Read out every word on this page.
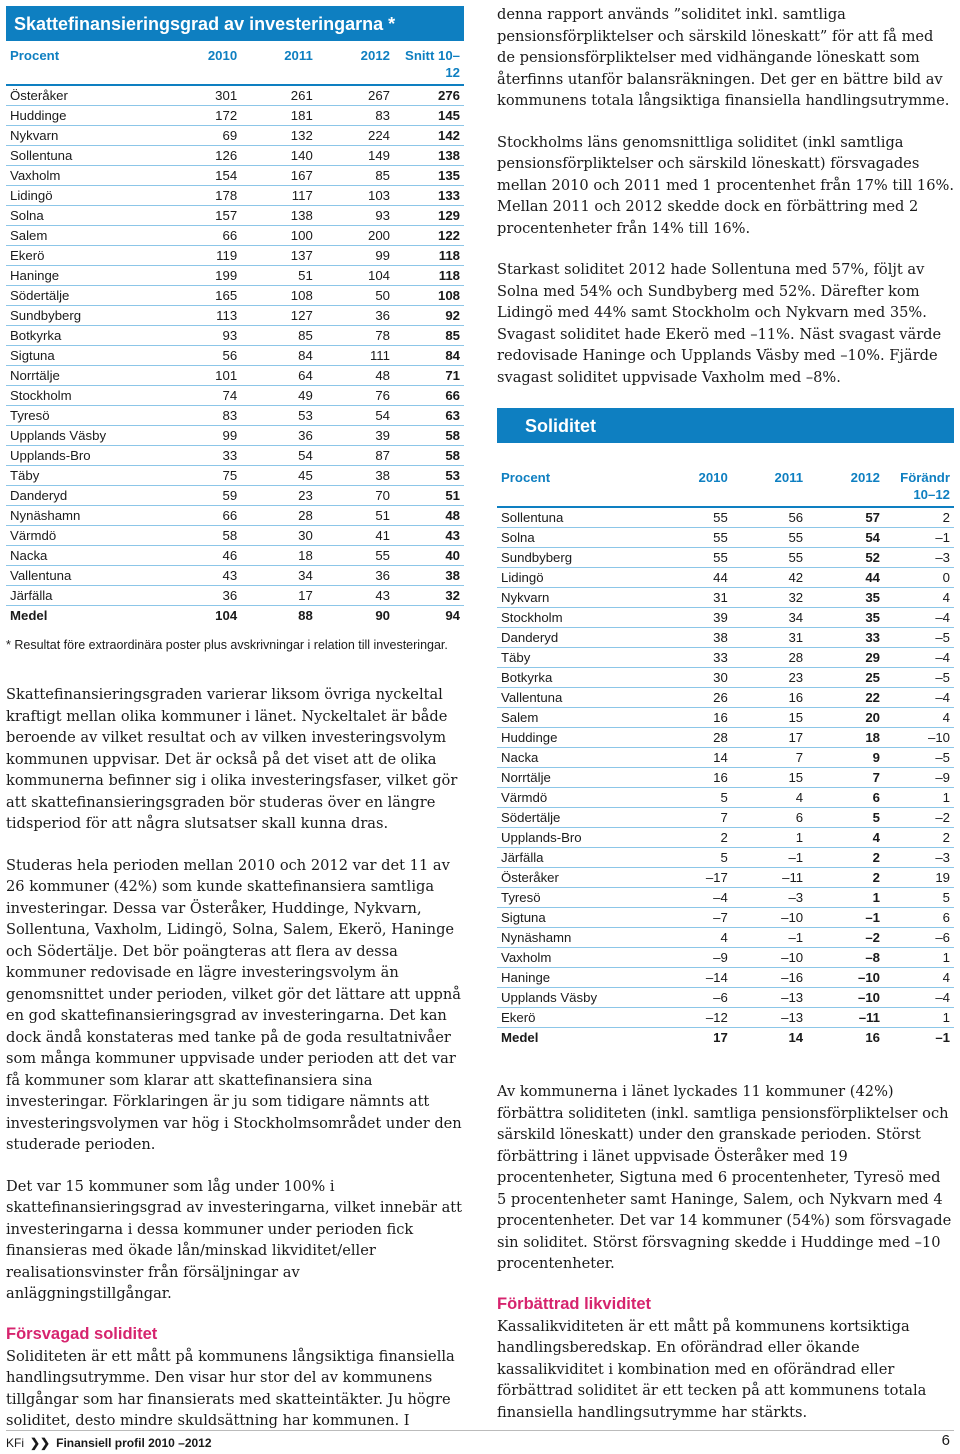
Skattefinansieringsgrad av investeringarna *
Procent	2010	2011	2012	Snitt 10–12
Österåker	301	261	267	276
Huddinge	172	181	83	145
Nykvarn	69	132	224	142
Sollentuna	126	140	149	138
Vaxholm	154	167	85	135
Lidingö	178	117	103	133
Solna	157	138	93	129
Salem	66	100	200	122
Ekerö	119	137	99	118
Haninge	199	51	104	118
Södertälje	165	108	50	108
Sundbyberg	113	127	36	92
Botkyrka	93	85	78	85
Sigtuna	56	84	111	84
Norrtälje	101	64	48	71
Stockholm	74	49	76	66
Tyresö	83	53	54	63
Upplands Väsby	99	36	39	58
Upplands-Bro	33	54	87	58
Täby	75	45	38	53
Danderyd	59	23	70	51
Nynäshamn	66	28	51	48
Värmdö	58	30	41	43
Nacka	46	18	55	40
Vallentuna	43	34	36	38
Järfälla	36	17	43	32
Medel	104	88	90	94
* Resultat före extraordinära poster plus avskrivningar i relation till investeringar.

Skattefinansieringsgraden varierar liksom övriga nyckeltal kraftigt mellan olika kommuner i länet. Nyckeltalet är både beroende av vilket resultat och av vilken investeringsvolym kommunen uppvisar. Det är också på det viset att de olika kommunerna befinner sig i olika investeringsfaser, vilket gör att skattefinansieringsgraden bör studeras över en längre tidsperiod för att några slutsatser skall kunna dras.

Studeras hela perioden mellan 2010 och 2012 var det 11 av 26 kommuner (42%) som kunde skattefinansiera samtliga investeringar. Dessa var Österåker, Huddinge, Nykvarn, Sollentuna, Vaxholm, Lidingö, Solna, Salem, Ekerö, Haninge och Södertälje. Det bör poängteras att flera av dessa kommuner redovisade en lägre investeringsvolym än genomsnittet under perioden, vilket gör det lättare att uppnå en god skattefinansieringsgrad av investeringarna. Det kan dock ändå konstateras med tanke på de goda resultatnivåer som många kommuner uppvisade under perioden att det var få kommuner som klarar att skattefinansiera sina investeringar. Förklaringen är ju som tidigare nämnts att investeringsvolymen var hög i Stockholmsområdet under den studerade perioden.

Det var 15 kommuner som låg under 100% i skattefinansieringsgrad av investeringarna, vilket innebär att investeringarna i dessa kommuner under perioden fick finansieras med ökade lån/minskad likviditet/eller realisationsvinster från försäljningar av anläggningstillgångar.

Försvagad soliditet

Soliditeten är ett mått på kommunens långsiktiga finansiella handlingsutrymme. Den visar hur stor del av kommunens tillgångar som har finansierats med skatteintäkter. Ju högre soliditet, desto mindre skuldsättning har kommunen. I

denna rapport används ”soliditet inkl. samtliga pensionsförpliktelser och särskild löneskatt” för att få med de pensionsförpliktelser med vidhängande löneskatt som återfinns utanför balansräkningen. Det ger en bättre bild av kommunens totala långsiktiga finansiella handlingsutrymme.

Stockholms läns genomsnittliga soliditet (inkl samtliga pensionsförpliktelser och särskild löneskatt) försvagades mellan 2010 och 2011 med 1 procentenhet från 17% till 16%. Mellan 2011 och 2012 skedde dock en förbättring med 2 procentenheter från 14% till 16%.

Starkast soliditet 2012 hade Sollentuna med 57%, följt av Solna med 54% och Sundbyberg med 52%. Därefter kom Lidingö med 44% samt Stockholm och Nykvarn med 35%. Svagast soliditet hade Ekerö med –11%. Näst svagast värde redovisade Haninge och Upplands Väsby med –10%. Fjärde svagast soliditet uppvisade Vaxholm med –8%.

Soliditet
Procent	2010	2011	2012	Förändr 10–12
Sollentuna	55	56	57	2
Solna	55	55	54	–1
Sundbyberg	55	55	52	–3
Lidingö	44	42	44	0
Nykvarn	31	32	35	4
Stockholm	39	34	35	–4
Danderyd	38	31	33	–5
Täby	33	28	29	–4
Botkyrka	30	23	25	–5
Vallentuna	26	16	22	–4
Salem	16	15	20	4
Huddinge	28	17	18	–10
Nacka	14	7	9	–5
Norrtälje	16	15	7	–9
Värmdö	5	4	6	1
Södertälje	7	6	5	–2
Upplands-Bro	2	1	4	2
Järfälla	5	–1	2	–3
Österåker	–17	–11	2	19
Tyresö	–4	–3	1	5
Sigtuna	–7	–10	–1	6
Nynäshamn	4	–1	–2	–6
Vaxholm	–9	–10	–8	1
Haninge	–14	–16	–10	4
Upplands Väsby	–6	–13	–10	–4
Ekerö	–12	–13	–11	1
Medel	17	14	16	–1

Av kommunerna i länet lyckades 11 kommuner (42%) förbättra soliditeten (inkl. samtliga pensionsförpliktelser och särskild löneskatt) under den granskade perioden. Störst förbättring i länet uppvisade Österåker med 19 procentenheter, Sigtuna med 6 procentenheter, Tyresö med 5 procentenheter samt Haninge, Salem, och Nykvarn med 4 procentenheter. Det var 14 kommuner (54%) som försvagade sin soliditet. Störst försvagning skedde i Huddinge med –10 procentenheter.

Förbättrad likviditet

Kassalikviditeten är ett mått på kommunens kortsiktiga handlingsberedskap. En oförändrad eller ökande kassalikviditet i kombination med en oförändrad eller förbättrad soliditet är ett tecken på att kommunens totala finansiella handlingsutrymme har stärkts.

KFi ❯❯ Finansiell profil 2010 –2012	6
